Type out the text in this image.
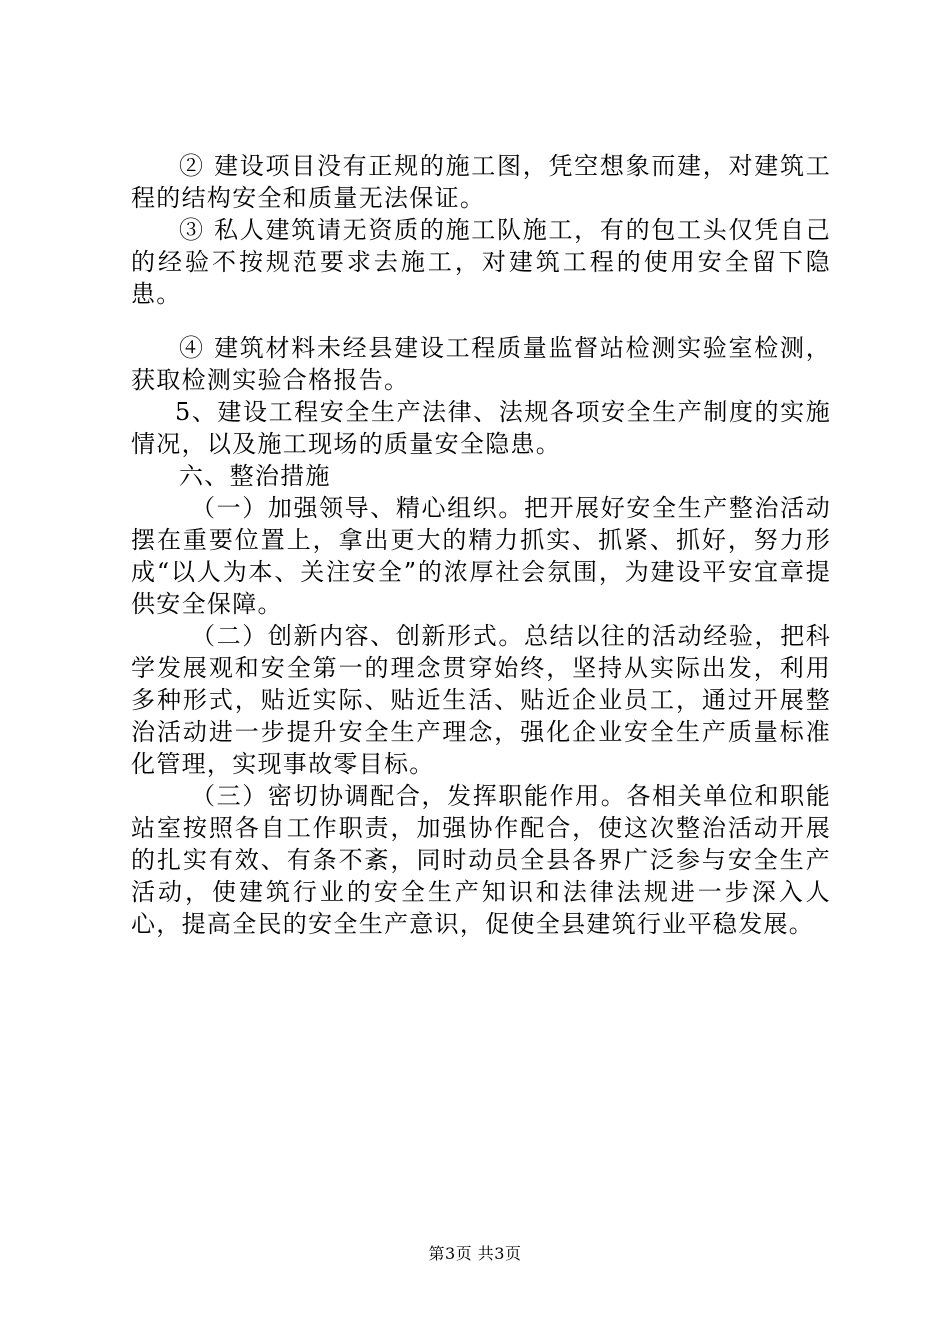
② 建设项目没有正规的施工图，凭空想象而建，对建筑工程的结构安全和质量无法保证。

③ 私人建筑请无资质的施工队施工，有的包工头仅凭自己的经验不按规范要求去施工，对建筑工程的使用安全留下隐患。

④ 建筑材料未经县建设工程质量监督站检测实验室检测，获取检测实验合格报告。

5、建设工程安全生产法律、法规各项安全生产制度的实施情况，以及施工现场的质量安全隐患。

六、整治措施

（一）加强领导、精心组织。把开展好安全生产整治活动摆在重要位置上，拿出更大的精力抓实、抓紧、抓好，努力形成“以人为本、关注安全”的浓厚社会氛围，为建设平安宜章提供安全保障。

（二）创新内容、创新形式。总结以往的活动经验，把科学发展观和安全第一的理念贯穿始终，坚持从实际出发，利用多种形式，贴近实际、贴近生活、贴近企业员工，通过开展整治活动进一步提升安全生产理念，强化企业安全生产质量标准化管理，实现事故零目标。

（三）密切协调配合，发挥职能作用。各相关单位和职能站室按照各自工作职责，加强协作配合，使这次整治活动开展的扎实有效、有条不紊，同时动员全县各界广泛参与安全生产活动，使建筑行业的安全生产知识和法律法规进一步深入人心，提高全民的安全生产意识，促使全县建筑行业平稳发展。

第3页 共3页
